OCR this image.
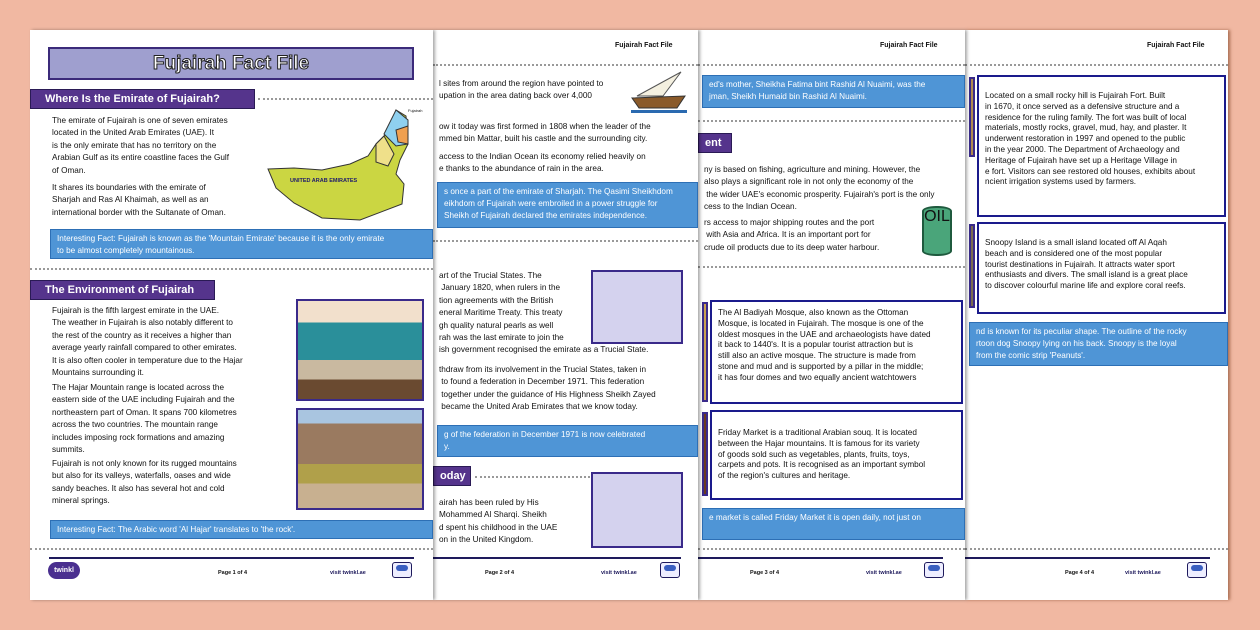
Fujairah Fact File
Located on a small rocky hill is Fujairah Fort. Built
in 1670, it once served as a defensive structure and a
residence for the ruling family. The fort was built of local
materials, mostly rocks, gravel, mud, hay, and plaster. It
underwent restoration in 1997 and opened to the public
in the year 2000. The Department of Archaeology and
Heritage of Fujairah have set up a Heritage Village in
e fort. Visitors can see restored old houses, exhibits about
ncient irrigation systems used by farmers.
Snoopy Island is a small island located off Al Aqah
beach and is considered one of the most popular
tourist destinations in Fujairah. It attracts water sport
enthusiasts and divers. The small island is a great place
to discover colourful marine life and explore coral reefs.
nd is known for its peculiar shape. The outline of the rocky
rtoon dog Snoopy lying on his back. Snoopy is the loyal
from the comic strip 'Peanuts'.
Page 4 of 4	visit twinkl.ae
Fujairah Fact File
ed's mother, Sheikha Fatima bint Rashid Al Nuaimi, was the
jman, Sheikh Humaid bin Rashid Al Nuaimi.
ent
ny is based on fishing, agriculture and mining. However, the
also plays a significant role in not only the economy of the
the wider UAE's economic prosperity. Fujairah's port is the only
cess to the Indian Ocean.
rs access to major shipping routes and the port
with Asia and Africa. It is an important port for
crude oil products due to its deep water harbour.
OIL
The Al Badiyah Mosque, also known as the Ottoman
Mosque, is located in Fujairah. The mosque is one of the
oldest mosques in the UAE and archaeologists have dated
it back to 1440's. It is a popular tourist attraction but is
still also an active mosque. The structure is made from
stone and mud and is supported by a pillar in the middle;
it has four domes and two equally ancient watchtowers
Friday Market is a traditional Arabian souq. It is located
between the Hajar mountains. It is famous for its variety
of goods sold such as vegetables, plants, fruits, toys,
carpets and pots. It is recognised as an important symbol
of the region's cultures and heritage.
e market is called Friday Market it is open daily, not just on
Page 3 of 4	visit twinkl.ae
Fujairah Fact File
l sites from around the region have pointed to
upation in the area dating back over 4,000
ow it today was first formed in 1808 when the leader of the
mmed bin Mattar, built his castle and the surrounding city.
access to the Indian Ocean its economy relied heavily on
e thanks to the abundance of rain in the area.
s once a part of the emirate of Sharjah. The Qasimi Sheikhdom
eikhdom of Fujairah were embroiled in a power struggle for
Sheikh of Fujairah declared the emirates independence.
art of the Trucial States. The
January 1820, when rulers in the
tion agreements with the British
eneral Maritime Treaty. This treaty
gh quality natural pearls as well
rah was the last emirate to join the
ish government recognised the emirate as a Trucial State.
thdraw from its involvement in the Trucial States, taken in
to found a federation in December 1971. This federation
together under the guidance of His Highness Sheikh Zayed
became the United Arab Emirates that we know today.
g of the federation in December 1971 is now celebrated
y.
oday
airah has been ruled by His
Mohammed Al Sharqi. Sheikh
d spent his childhood in the UAE
on in the United Kingdom.
Page 2 of 4	visit twinkl.ae
Fujairah Fact File
Where Is the Emirate of Fujairah?
The emirate of Fujairah is one of seven emirates
located in the United Arab Emirates (UAE). It
is the only emirate that has no territory on the
Arabian Gulf as its entire coastline faces the Gulf
of Oman.
It shares its boundaries with the emirate of
Sharjah and Ras Al Khaimah, as well as an
international border with the Sultanate of Oman.
UNITED ARAB EMIRATES
Fujairah
Interesting Fact: Fujairah is known as the 'Mountain Emirate' because it is the only emirate
to be almost completely mountainous.
The Environment of Fujairah
Fujairah is the fifth largest emirate in the UAE.
The weather in Fujairah is also notably different to
the rest of the country as it receives a higher than
average yearly rainfall compared to other emirates.
It is also often cooler in temperature due to the Hajar
Mountains surrounding it.
The Hajar Mountain range is located across the
eastern side of the UAE including Fujairah and the
northeastern part of Oman. It spans 700 kilometres
across the two countries. The mountain range
includes imposing rock formations and amazing
summits.
Fujairah is not only known for its rugged mountains
but also for its valleys, waterfalls, oases and wide
sandy beaches. It also has several hot and cold
mineral springs.
Interesting Fact: The Arabic word 'Al Hajar' translates to 'the rock'.
twinkl	Page 1 of 4	visit twinkl.ae
